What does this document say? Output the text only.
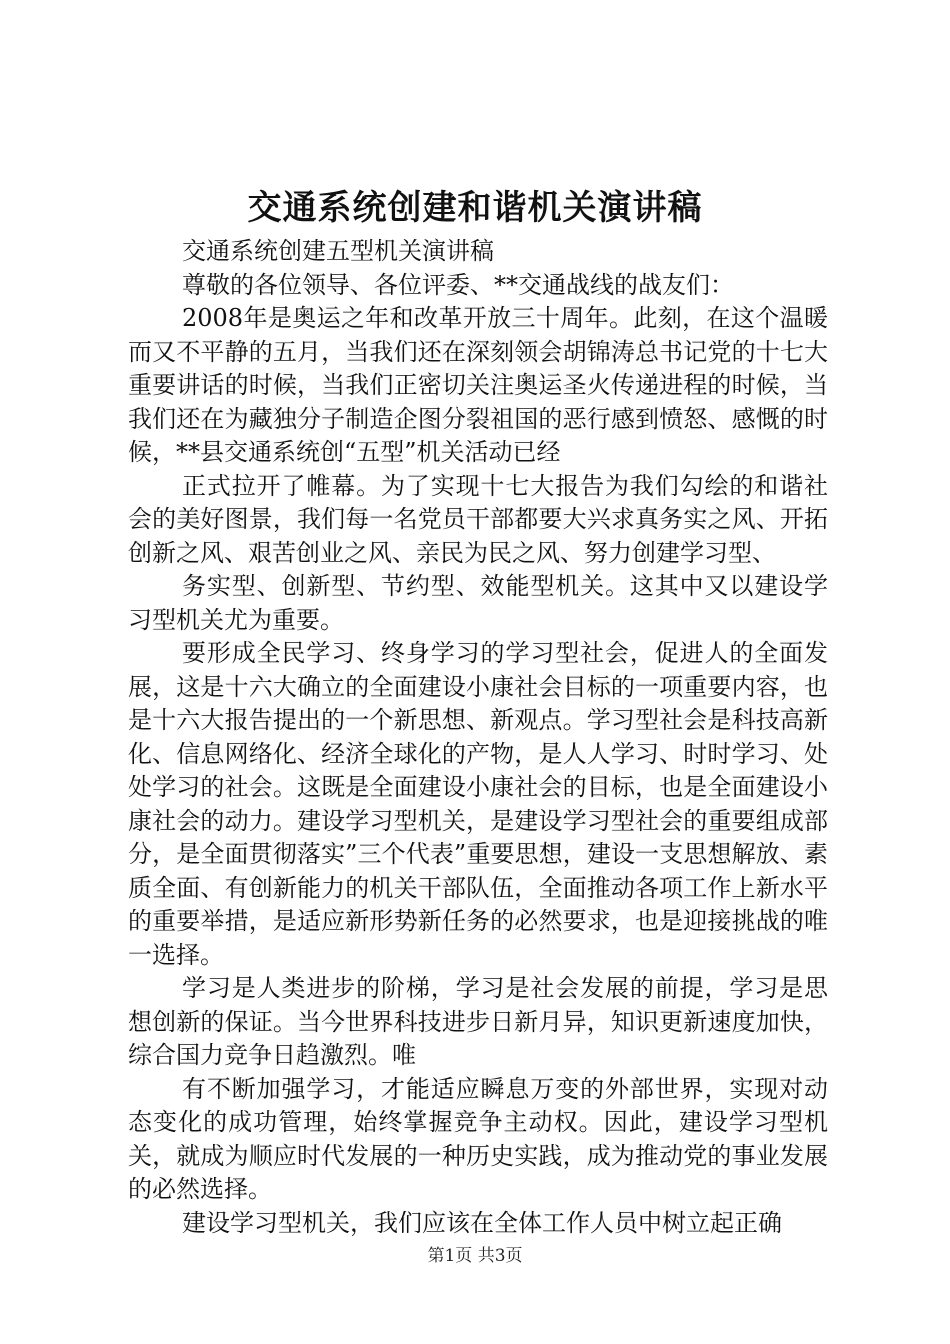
交通系统创建和谐机关演讲稿

交通系统创建五型机关演讲稿

尊敬的各位领导、各位评委、**交通战线的战友们：

2008年是奥运之年和改革开放三十周年。此刻，在这个温暖而又不平静的五月，当我们还在深刻领会胡锦涛总书记党的十七大重要讲话的时候，当我们正密切关注奥运圣火传递进程的时候，当我们还在为藏独分子制造企图分裂祖国的恶行感到愤怒、感慨的时候，**县交通系统创“五型”机关活动已经

正式拉开了帷幕。为了实现十七大报告为我们勾绘的和谐社会的美好图景，我们每一名党员干部都要大兴求真务实之风、开拓创新之风、艰苦创业之风、亲民为民之风、努力创建学习型、

务实型、创新型、节约型、效能型机关。这其中又以建设学习型机关尤为重要。

要形成全民学习、终身学习的学习型社会，促进人的全面发展，这是十六大确立的全面建设小康社会目标的一项重要内容，也是十六大报告提出的一个新思想、新观点。学习型社会是科技高新化、信息网络化、经济全球化的产物，是人人学习、时时学习、处处学习的社会。这既是全面建设小康社会的目标，也是全面建设小康社会的动力。建设学习型机关，是建设学习型社会的重要组成部分，是全面贯彻落实”三个代表”重要思想，建设一支思想解放、素质全面、有创新能力的机关干部队伍，全面推动各项工作上新水平的重要举措，是适应新形势新任务的必然要求，也是迎接挑战的唯一选择。

学习是人类进步的阶梯，学习是社会发展的前提，学习是思想创新的保证。当今世界科技进步日新月异，知识更新速度加快，综合国力竞争日趋激烈。唯

有不断加强学习，才能适应瞬息万变的外部世界，实现对动态变化的成功管理，始终掌握竞争主动权。因此，建设学习型机关，就成为顺应时代发展的一种历史实践，成为推动党的事业发展的必然选择。

建设学习型机关，我们应该在全体工作人员中树立起正确

第1页 共3页
